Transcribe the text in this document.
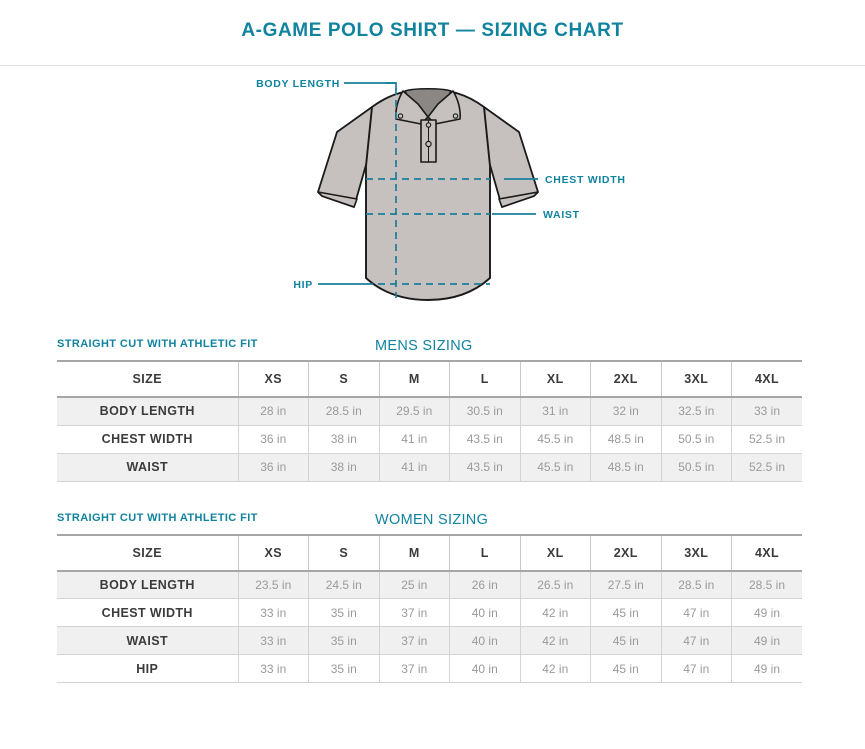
A-GAME POLO SHIRT — SIZING CHART
BODY LENGTH
CHEST WIDTH
WAIST
HIP
STRAIGHT CUT WITH ATHLETIC FIT	MENS SIZING
SIZE	XS	S	M	L	XL	2XL	3XL	4XL
BODY LENGTH	28 in	28.5 in	29.5 in	30.5 in	31 in	32 in	32.5 in	33 in
CHEST WIDTH	36 in	38 in	41 in	43.5 in	45.5 in	48.5 in	50.5 in	52.5 in
WAIST	36 in	38 in	41 in	43.5 in	45.5 in	48.5 in	50.5 in	52.5 in
STRAIGHT CUT WITH ATHLETIC FIT	WOMEN SIZING
SIZE	XS	S	M	L	XL	2XL	3XL	4XL
BODY LENGTH	23.5 in	24.5 in	25 in	26 in	26.5 in	27.5 in	28.5 in	28.5 in
CHEST WIDTH	33 in	35 in	37 in	40 in	42 in	45 in	47 in	49 in
WAIST	33 in	35 in	37 in	40 in	42 in	45 in	47 in	49 in
HIP	33 in	35 in	37 in	40 in	42 in	45 in	47 in	49 in
